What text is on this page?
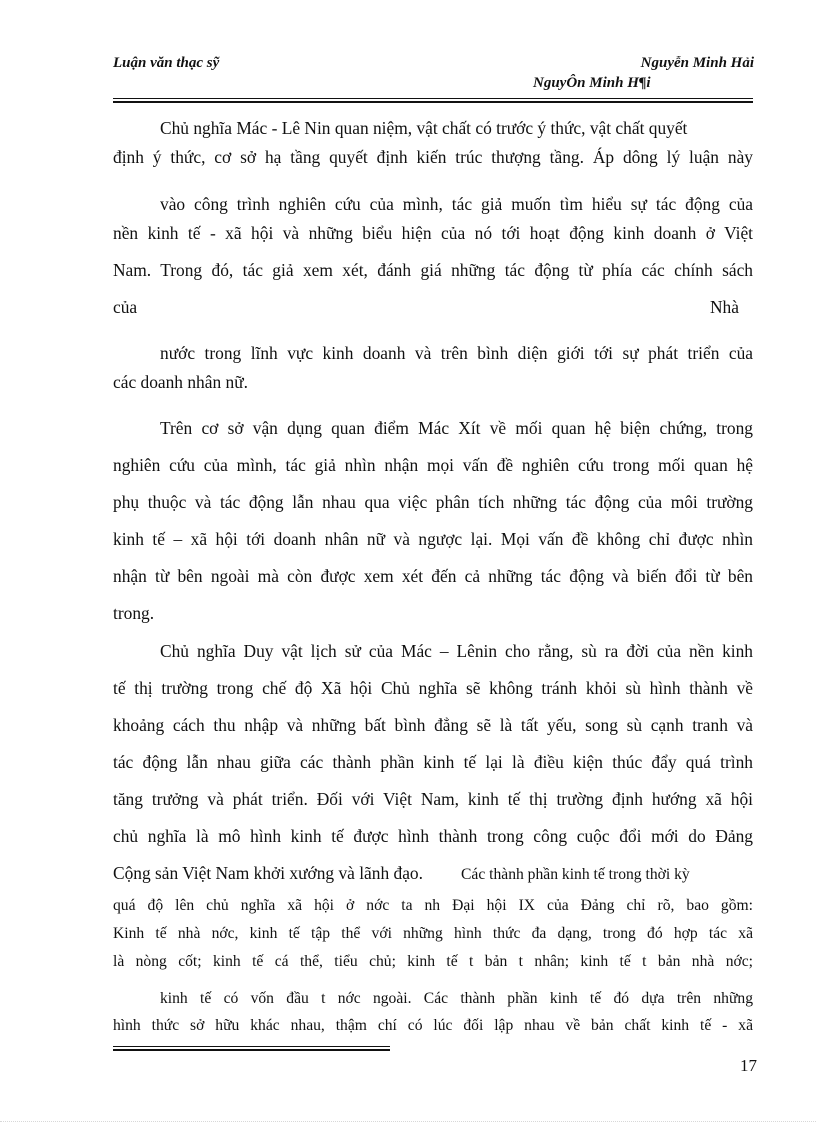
Luận văn thạc sỹ	Nguyễn Minh Hải
NguyÔn Minh H¶i
Chủ nghĩa Mác - Lê Nin quan niệm, vật chất có trước ý thức, vật chất quyết
định ý thức, cơ sở hạ tầng quyết định kiến trúc thượng tầng. Áp dông lý luận này
vào công trình nghiên cứu của mình, tác giả muốn tìm hiểu sự tác động của
nền kinh tế - xã hội và những biểu hiện của nó tới hoạt động kinh doanh ở Việt
Nam. Trong đó, tác giả xem xét, đánh giá những tác động từ phía các chính sách
của	Nhà
nước trong lĩnh vực kinh doanh và trên bình diện giới tới sự phát triển của
các doanh nhân nữ.
Trên cơ sở vận dụng quan điểm Mác Xít về mối quan hệ biện chứng, trong
nghiên cứu của mình, tác giả nhìn nhận mọi vấn đề nghiên cứu trong mối quan hệ
phụ thuộc và tác động lẫn nhau qua việc phân tích những tác động của môi trường
kinh tế – xã hội tới doanh nhân nữ và ngược lại. Mọi vấn đề không chỉ được nhìn
nhận từ bên ngoài mà còn được xem xét đến cả những tác động và biến đổi từ bên
trong.
Chủ nghĩa Duy vật lịch sử của Mác – Lênin cho rằng, sù ra đời của nền kinh
tế thị trường trong chế độ Xã hội Chủ nghĩa sẽ không tránh khỏi sù hình thành về
khoảng cách thu nhập và những bất bình đẳng sẽ là tất yếu, song sù cạnh tranh và
tác động lẫn nhau giữa các thành phần kinh tế lại là điều kiện thúc đẩy quá trình
tăng trưởng và phát triển. Đối với Việt Nam, kinh tế thị trường định hướng xã hội
chủ nghĩa là mô hình kinh tế được hình thành trong công cuộc đổi mới do Đảng
Cộng sản Việt Nam khởi xướng và lãnh đạo. Các thành phần kinh tế trong thời kỳ
quá độ lên chủ nghĩa xã hội ở nớc ta nh Đại hội IX của Đảng chỉ rõ, bao gồm:
Kinh tế nhà nớc, kinh tế tập thể với những hình thức đa dạng, trong đó hợp tác xã
là nòng cốt; kinh tế cá thể, tiểu chủ; kinh tế t bản t nhân; kinh tế t bản nhà nớc;
kinh tế có vốn đầu t nớc ngoài. Các thành phần kinh tế đó dựa trên những
hình thức sở hữu khác nhau, thậm chí có lúc đối lập nhau về bản chất kinh tế - xã
17
